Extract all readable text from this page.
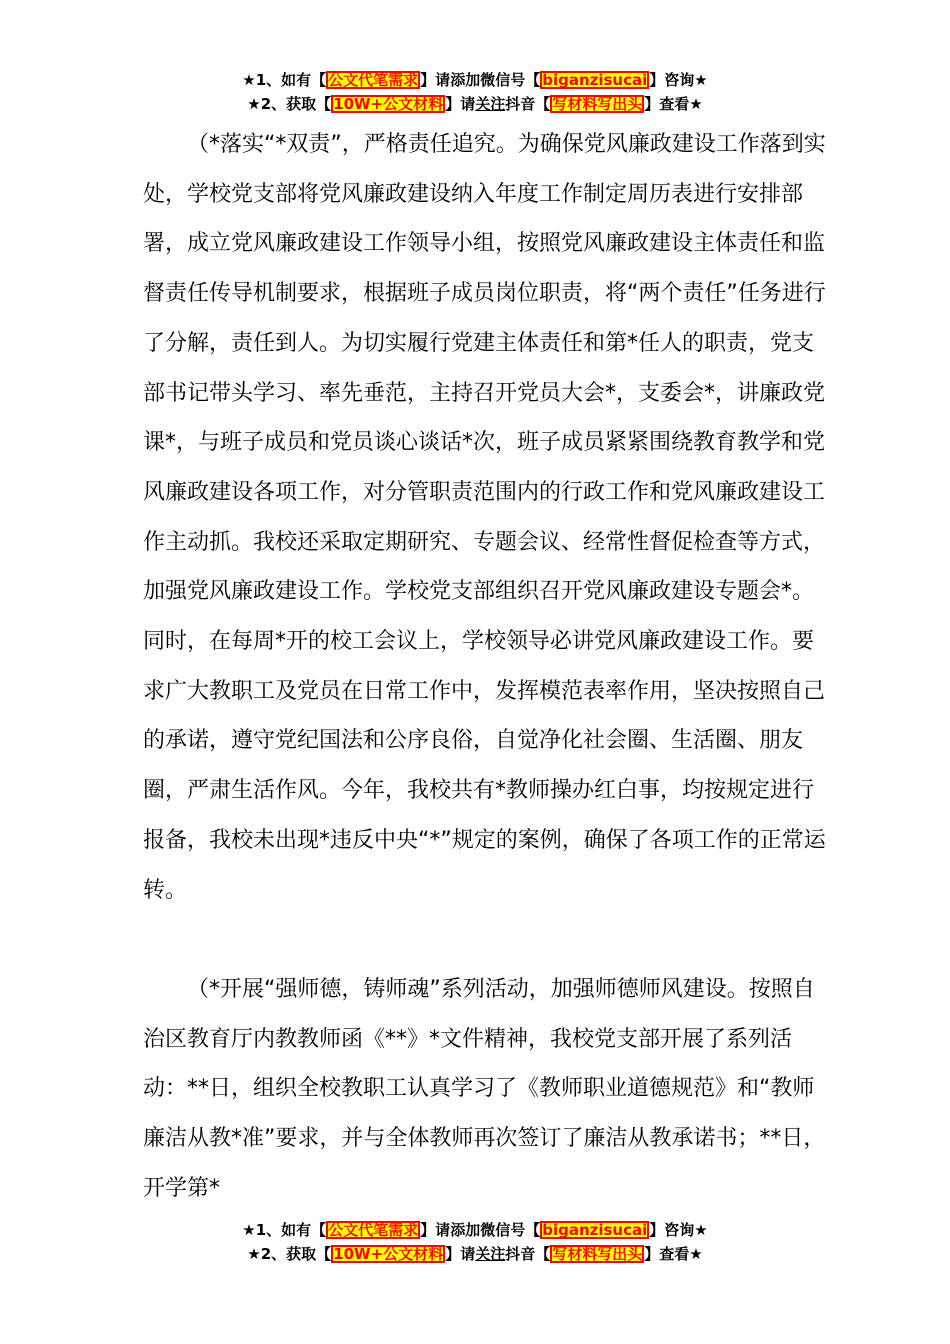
★1、如有【 公文代笔需求 】请添加微信号【 biganzisucai 】咨询★
★2、获取【 10W+公文材料 】请关注抖音【 写材料写出头 】查看★

（*落实“*双责”，严格责任追究。为确保党风廉政建设工作落到实处，学校党支部将党风廉政建设纳入年度工作制定周历表进行安排部署，成立党风廉政建设工作领导小组，按照党风廉政建设主体责任和监督责任传导机制要求，根据班子成员岗位职责，将“两个责任”任务进行了分解，责任到人。为切实履行党建主体责任和第*任人的职责，党支部书记带头学习、率先垂范，主持召开党员大会*，支委会*，讲廉政党课*，与班子成员和党员谈心谈话*次，班子成员紧紧围绕教育教学和党风廉政建设各项工作，对分管职责范围内的行政工作和党风廉政建设工作主动抓。我校还采取定期研究、专题会议、经常性督促检查等方式，加强党风廉政建设工作。学校党支部组织召开党风廉政建设专题会*。同时，在每周*开的校工会议上，学校领导必讲党风廉政建设工作。要求广大教职工及党员在日常工作中，发挥模范表率作用，坚决按照自己的承诺，遵守党纪国法和公序良俗，自觉净化社会圈、生活圈、朋友圈，严肃生活作风。今年，我校共有*教师操办红白事，均按规定进行报备，我校未出现*违反中央“*”规定的案例，确保了各项工作的正常运转。

（*开展“强师德，铸师魂”系列活动，加强师德师风建设。按照自治区教育厅内教教师函《**》*文件精神，我校党支部开展了系列活动：**日，组织全校教职工认真学习了《教师职业道德规范》和“教师廉洁从教*准”要求，并与全体教师再次签订了廉洁从教承诺书；**日，开学第*

★1、如有【 公文代笔需求 】请添加微信号【 biganzisucai 】咨询★
★2、获取【 10W+公文材料 】请关注抖音【 写材料写出头 】查看★
